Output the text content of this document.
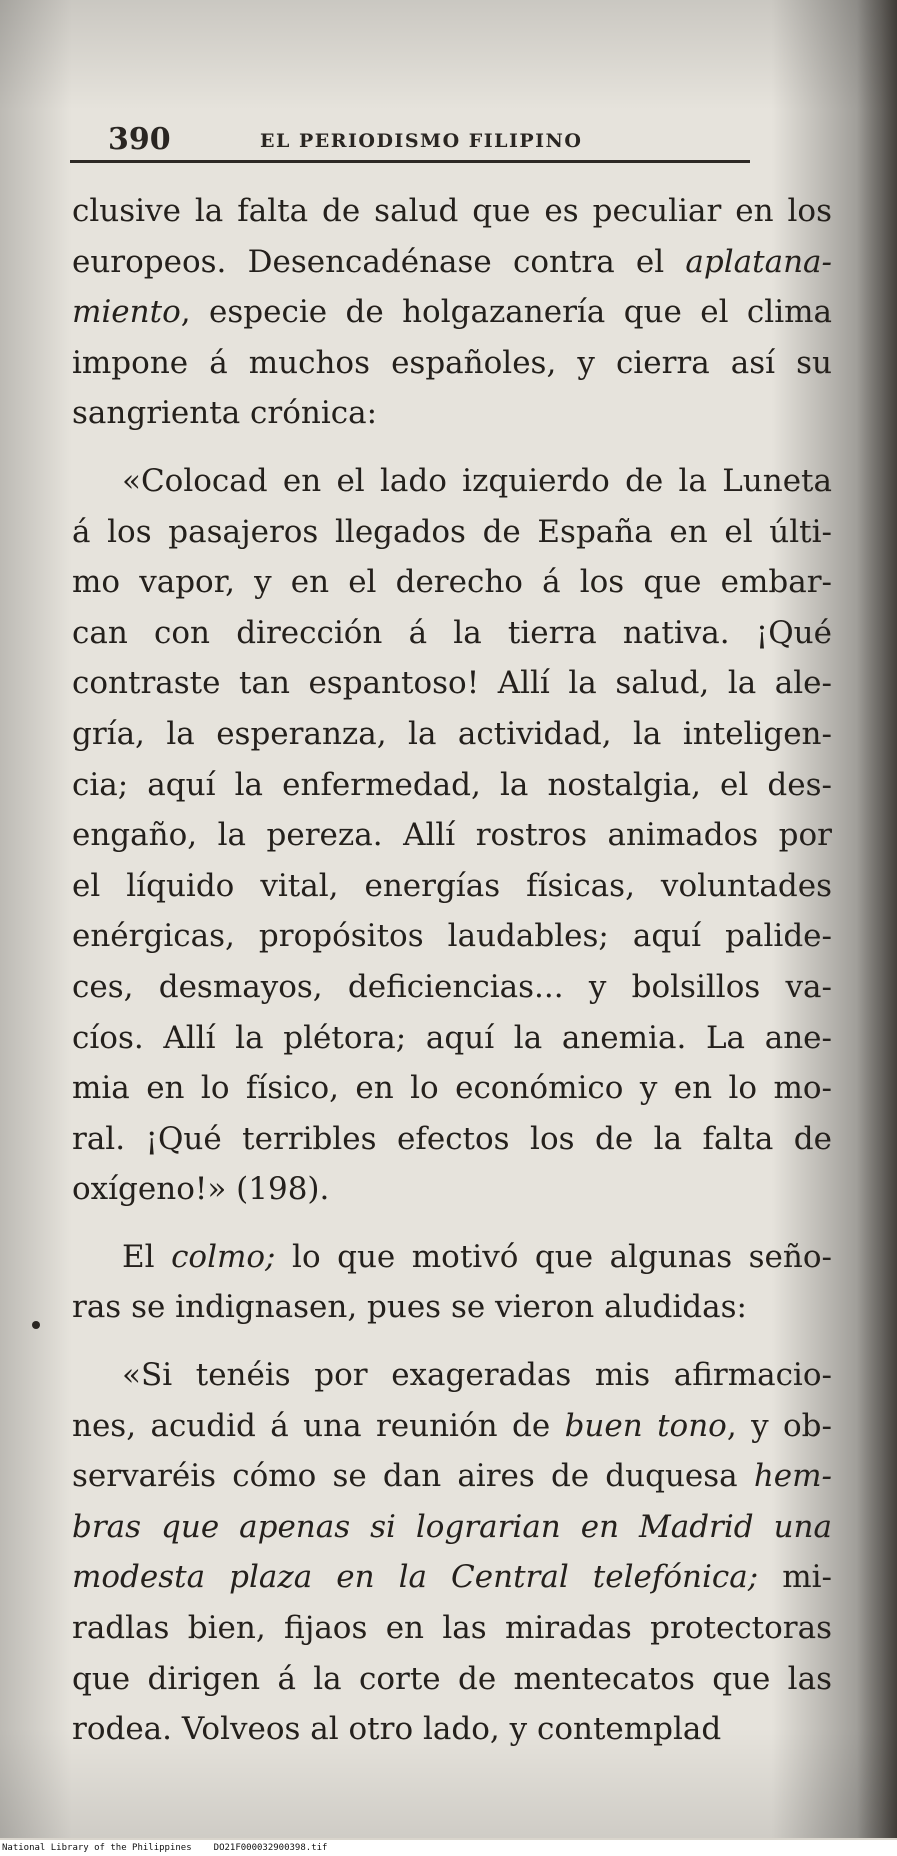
390	EL PERIODISMO FILIPINO

clusive la falta de salud que es peculiar en los
europeos. Desencadénase contra el aplatana-
miento, especie de holgazanería que el clima
impone á muchos españoles, y cierra así su
sangrienta crónica:

«Colocad en el lado izquierdo de la Luneta
á los pasajeros llegados de España en el últi-
mo vapor, y en el derecho á los que embar-
can con dirección á la tierra nativa. ¡Qué
contraste tan espantoso! Allí la salud, la ale-
gría, la esperanza, la actividad, la inteligen-
cia; aquí la enfermedad, la nostalgia, el des-
engaño, la pereza. Allí rostros animados por
el líquido vital, energías físicas, voluntades
enérgicas, propósitos laudables; aquí palide-
ces, desmayos, deficiencias... y bolsillos va-
cíos. Allí la plétora; aquí la anemia. La ane-
mia en lo físico, en lo económico y en lo mo-
ral. ¡Qué terribles efectos los de la falta de
oxígeno!» (198).

El colmo; lo que motivó que algunas seño-
ras se indignasen, pues se vieron aludidas:

«Si tenéis por exageradas mis afirmacio-
nes, acudid á una reunión de buen tono, y ob-
servaréis cómo se dan aires de duquesa hem-
bras que apenas si lograrian en Madrid una
modesta plaza en la Central telefónica; mi-
radlas bien, fijaos en las miradas protectoras
que dirigen á la corte de mentecatos que las
rodea. Volveos al otro lado, y contemplad

National Library of the Philippines DO21F000032900398.tif
